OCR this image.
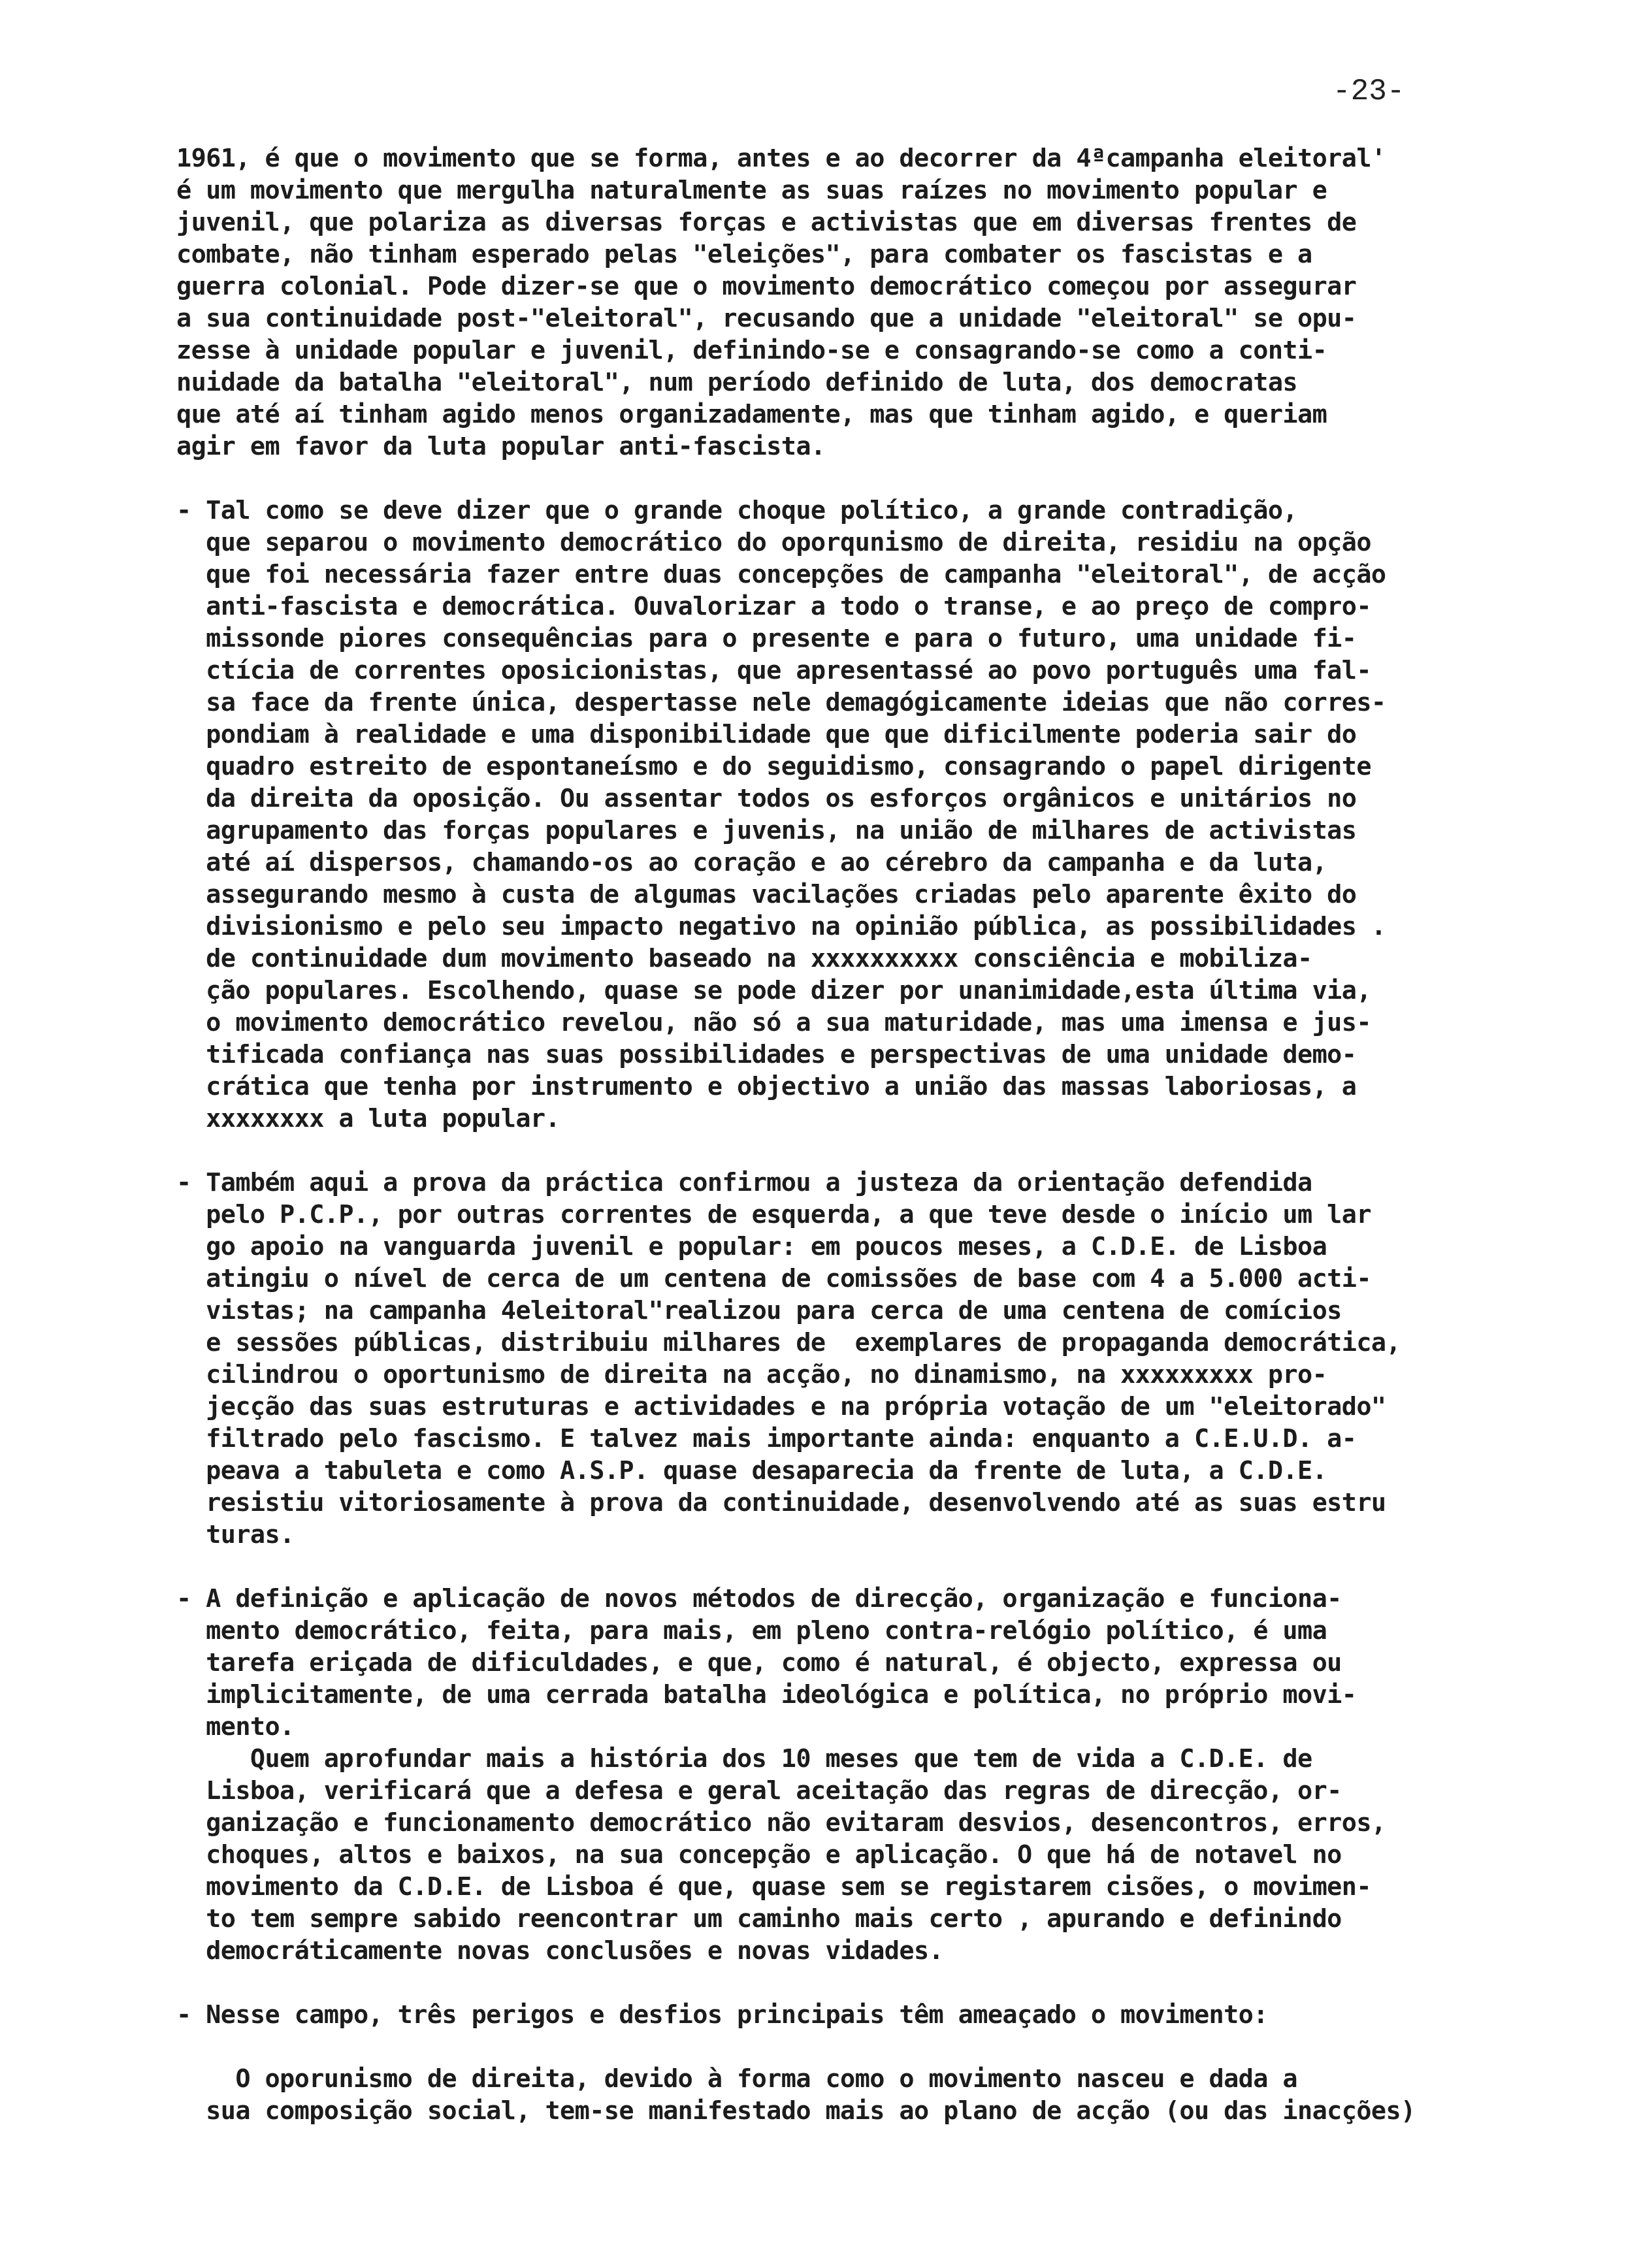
-23-
1961, é que o movimento que se forma, antes e ao decorrer da 4ªcampanha eleitoral'
é um movimento que mergulha naturalmente as suas raízes no movimento popular e
juvenil, que polariza as diversas forças e activistas que em diversas frentes de
combate, não tinham esperado pelas "eleições", para combater os fascistas e a
guerra colonial. Pode dizer-se que o movimento democrático começou por assegurar
a sua continuidade post-"eleitoral", recusando que a unidade "eleitoral" se opu-
zesse à unidade popular e juvenil, definindo-se e consagrando-se como a conti-
nuidade da batalha "eleitoral", num período definido de luta, dos democratas
que até aí tinham agido menos organizadamente, mas que tinham agido, e queriam
agir em favor da luta popular anti-fascista.
- Tal como se deve dizer que o grande choque político, a grande contradição,
que separou o movimento democrático do oporqunismo de direita, residiu na opção
que foi necessária fazer entre duas concepções de campanha "eleitoral", de acção
anti-fascista e democrática. Ouvalorizar a todo o transe, e ao preço de compro-
missonde piores consequências para o presente e para o futuro, uma unidade fi-
ctícia de correntes oposicionistas, que apresentassé ao povo português uma fal-
sa face da frente única, despertasse nele demagógicamente ideias que não corres-
pondiam à realidade e uma disponibilidade que que dificilmente poderia sair do
quadro estreito de espontaneísmo e do seguidismo, consagrando o papel dirigente
da direita da oposição. Ou assentar todos os esforços orgânicos e unitários no
agrupamento das forças populares e juvenis, na união de milhares de activistas
até aí dispersos, chamando-os ao coração e ao cérebro da campanha e da luta,
assegurando mesmo à custa de algumas vacilações criadas pelo aparente êxito do
divisionismo e pelo seu impacto negativo na opinião pública, as possibilidades .
de continuidade dum movimento baseado na xxxxxxxxxx consciência e mobiliza-
ção populares. Escolhendo, quase se pode dizer por unanimidade,esta última via,
o movimento democrático revelou, não só a sua maturidade, mas uma imensa e jus-
tificada confiança nas suas possibilidades e perspectivas de uma unidade demo-
crática que tenha por instrumento e objectivo a união das massas laboriosas, a
xxxxxxxx a luta popular.
- Também aqui a prova da práctica confirmou a justeza da orientação defendida
pelo P.C.P., por outras correntes de esquerda, a que teve desde o início um lar
go apoio na vanguarda juvenil e popular: em poucos meses, a C.D.E. de Lisboa
atingiu o nível de cerca de um centena de comissões de base com 4 a 5.000 acti-
vistas; na campanha 4eleitoral"realizou para cerca de uma centena de comícios
e sessões públicas, distribuiu milhares de  exemplares de propaganda democrática,
cilindrou o oportunismo de direita na acção, no dinamismo, na xxxxxxxxx pro-
jecção das suas estruturas e actividades e na própria votação de um "eleitorado"
filtrado pelo fascismo. E talvez mais importante ainda: enquanto a C.E.U.D. a-
peava a tabuleta e como A.S.P. quase desaparecia da frente de luta, a C.D.E.
resistiu vitoriosamente à prova da continuidade, desenvolvendo até as suas estru
turas.
- A definição e aplicação de novos métodos de direcção, organização e funciona-
mento democrático, feita, para mais, em pleno contra-relógio político, é uma
tarefa eriçada de dificuldades, e que, como é natural, é objecto, expressa ou
implicitamente, de uma cerrada batalha ideológica e política, no próprio movi-
mento.
Quem aprofundar mais a história dos 10 meses que tem de vida a C.D.E. de
Lisboa, verificará que a defesa e geral aceitação das regras de direcção, or-
ganização e funcionamento democrático não evitaram desvios, desencontros, erros,
choques, altos e baixos, na sua concepção e aplicação. O que há de notavel no
movimento da C.D.E. de Lisboa é que, quase sem se registarem cisões, o movimen-
to tem sempre sabido reencontrar um caminho mais certo , apurando e definindo
democráticamente novas conclusões e novas vidades.
- Nesse campo, três perigos e desfios principais têm ameaçado o movimento:
O oporunismo de direita, devido à forma como o movimento nasceu e dada a
sua composição social, tem-se manifestado mais ao plano de acção (ou das inacções)
